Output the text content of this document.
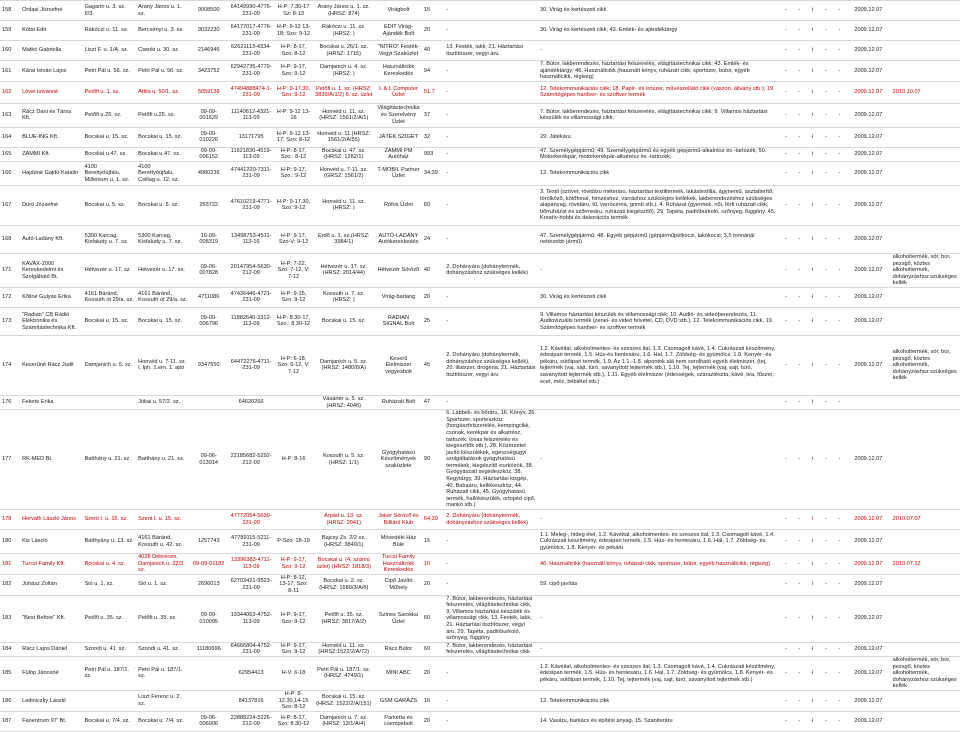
158	Ordasi Józsefné	Gagarin u. 3. sz. II/3.	Arany János u. 1. sz.	9008500	64149990-4776-231-09	H-P: 7.30-17 Sz: 8-13	Arany János u. 1. sz. (HRSZ: 874)	Virágbolt	15	-	30. Virág és kertészeti cikk	-	-	i	-	-	2009.12.07	
159	Kótai Edit	Rákóczi u. 11. sz.	Bercsényi u. 3. sz.	9032230	64177017-4776-231-09	H-P: 9-12 13-18; Szo: 9-12	Rákóczi u. 11. sz. (HRSZ: )	EDIT Virág-Ajándék Bolt	20	-	30. Virág és kertészeti cikk; 43. Emlék- és ajándéktárgy	-	-	i	-	-	2009.12.07	
160	Matkó Gabriella	Liszt F. u. 1/A. sz.	Csenki u. 30. sz.	2146946	62621113-4334-231-09	H-P: 8-17, Szo: 8-12	Bocskai u. 26/1. sz. (HRSZ: 1715)	"NITRO" Festék-Vegyi Szaküzlet	40	13. Festék, lakk; 21. Háztartási tisztítószer, vegyi áru	-	-	-	i	-	-	2009.12.07	
161	Kárai István Lajos	Petri Pál u. 56. sz.	Petri Pál u. 56. sz.	3423752	62942735-4779-231-09	H-P: 9-17, Szo: 9-12	Damjanich u. 4. sz. (HRSZ: )	Használtcikk Kereskedés	94	-	7. Bútor, lakberendezés, háztartási felszerelés, világítástechnikai cikk; 43. Emlék- és ajándéktárgy; 46. Használtcikk (használt könyv, ruházati cikk, sportszer, bútor, egyéb használtcikk, régiség)	-	-	i	-	-	2009.12.07	
162	Lövei Istvánné	Petőfi u. 1. sz.	Attila u. 50/1. sz.	5059138	47494888474-1-231-09	H-P: 9-17.30, Szo: 9-12	Petőfi u. 1. sz. (HRSZ: 3839/A/1/2) 6. sz. üzlet	L & L Computer Üzlet	51.7	-	12. Telekommunikációs cikk; 18. Papír- és írószer, művészellátó cikk (vászon, állvány stb.); 19. Számítógépes hardver- és szoftver termék	-	-	i	-	-	2009.12.07	2010.10.07
163	Rácz Dani és Társa Kft.	Petőfi u.25. sz.	Petőfi u.25. sz.	09-09-001629	11140612-4321-113-09	H-P: 9-12 13-16	Honvéd u. 11. sz.(HRSZ: 1561/2/A/1)	Világítástechnika és Szerelvény Üzlet	37	-	7. Bútor, lakberendezés, háztartási felszerelés, világítástechnikai cikk; 9. Villamos háztartási készülék és villamossági cikk;	-	-	i	-	-	2009.12.07	
164	BLUE-ING Kft.	Bocskai u. 15. sz.	Bocskai u. 15. sz.	09-09-010226	13171795	H-P: 9-12 13-17, Szo: 8-12	Honvéd u. 11.(HRSZ: 1561/2/A/55)	JÁTÉK SZIGET	32	-	29. Játékáru	-	-	i	-	-	2009.12.07	
165	ZÁMMI Kft.	Bocskai u.47. sz.	Bocskai u.47. sz.	09-09-006152	11621830-4519-113-09	H-P: 8-17, Szo.: 8-12	Bocskai u. 47. sz.(HRSZ: 1282/1)	ZÁMMI PM Autóház	993	-	47. Személygépjármű; 49. Személygépjármű és egyéb gépjármű-alkatrész és -tartozék; 50. Motorkerékpár, motorkerékpár-alkatrész és -tartozék;	-	-	i	-	-	2009.12.07	
166	Hajdúné Gajdó Katalin	4100 Berettyóújfalu, Millenium u. 1. sz.	4100 Berettyóújfalu, Csillag u. 12. sz.	4980236	47441220-7311-231-09	H-P: 9-17, Szo.: 9-12	Honvéd u. 7-11. sz. (GRSZ: 1561/2)	T-MOBIL Partner Üzlet	34,39	-	12. Telekommunikációs cikk	-	-	i	-	-	2009.12.07	
167	Dúró Józsefné	Bocskai u. 5. sz.	Bocskai u. 5. sz.	253722	47610219-4771-231-09	H-P: 9-17.30, Szo: 9-12	Honvéd u. 11. sz.(HRSZ: )	Rófos Üzlet	60	-	3. Textil (szövet, rövidáru méteráru, háztartási textiltermék, lakástextília, ágynemű, asztalterítő, törölköző, kötőfonal, himzéshez, varráshoz szükséges kellékek, lakberendezéshez szükséges alapanyag, rövidáru, tű, varrócérna, gomb stb.), 4. Ruházat (gyermek, női, férfi ruházati cikk, bőrruházat és szőrmeáru, ruházati kiegészítő), 29. Tapéta, padlóburkoló, szőnyeg, függöny. 45. Kreatív-hobbi és dekorációs termék	-	-	i	-	-	2009.12.07	
168	Autó-Ladány Kft.	5300 Karcag, Kisfaludy u. 7. sz.	5300 Karcag, Kisfaludy u. 7. sz.	16-09-008319	13498753-4511-113-16	H-P: 9-17, Szo-V: 9-12	Erdő u. 1. sz.(HRSZ: 3984/1)	AUTÓ-LADÁNY Autókereskedés	24	-	47. Személygépjármű; 48. Egyéb gépjármű (gépjárműpótkocsi, lakókocsi; 3,5 tonnánál nehezebb jármű)	-	-	i	-	-	2009.12.07	
171	KAVAX-2000 Kereskedelmi és Szolgáltató Bt.	Hétvezér u. 17. sz.	Hétvezér u. 17. sz.	09-06-007828	20147954-5630-212-09	H-P: 7-22, Szo: 7-12, V: 7-12	Hétvezér u. 17. sz. (HRSZ: 2014/44)	Hétvezér Söröző	40	2. Dohányáru (dohánytermék, dohányzáshoz szükséges kellék)	-	-	-	i	-	-	2009.12.07	alkoholtermék, sör, bor, pezsgő, köztes alkoholtermék, dohányzáshoz szükséges kellék
172	Kőliné Gulyás Erika	4161 Báránd, Kossuth út 29/a. sz.	4161 Báránd, Kossuth út 29/a. sz.	4711086	47436446-4721-231-09	H-P: 9-15, Szo: 9-12	Kossuth u. 7. sz. (HRSZ: )	Virág-barlang	20	-	30. Virág és kertészeti cikk	-	-	i	-	-	2009.12.07	
173	"Radian" CB Rádió Elektronika és Számítástechnika Kft.	Bocskai u. 15. sz.	Bocskai u. 15. sz.	09-09-006796	11882640-3312-113-09	H-P: 8.30-17, Szo.: 8.30-12	Bocskai u. 15. sz.	RADIAN SIGNAL Bolt	25	-	9. Villamos háztartási készülék és villamossági cikk; 10. Audió- és videóberendezés, 11. Audiovizuális termék (zenei- és videó felvétel, CD, DVD stb.), 12. Telekommunikációs cikk, 19. Számítógépes hardver- és szoftver termék	-	-	i	-	-	2009.12.07	
174	Keserűné Rácz Judit	Damjanich u. 5. sz.	Honvéd u. 7-11. sz. I. lph. 1.em. 1. ajtó	9347650	64472276-4711-231-09	H-P: 6-18, Szo: 6-12, V: 7-12	Damjanich u. 5. sz. (HRSZ: 1480/8/A)	Keserű Élelmiszer vegyesbolt	45	2. Dohányáru (dohánytermék, dohányzáshoz szükséges kellék), 20. illatszer, drogéria, 21. Háztartási tisztítószer, vegyi áru	1.2. Kávéital, alkoholmentes- és szeszes ital, 1.3. Csomagolt kávé, 1.4. Cukrászati készítmény, édesipari termék, 1.5. Hús-és hentesáru, 1.6. Hal, 1.7. Zöldség- és gyümölcs, 1.8. Kenyér- és pékáru, sütőipari termék, 1.9. Az 1.1.-1.8. alpontok alá nem sorolható egyéb élelmiszer, (tej, tejtermék (vaj, sajt, túró, savanyított tejtermék stb.), 1.10. Tej, tejtermék (vaj, sajt, túró, savanyított tejtermék stb.), 1.11. Egyéb élelmiszer (édességek, száraztészta, kávé, tea, fűszer, ecet, méz, bébiétel stb.)	-	-	i	-	-	2009.12.07	alkoholtermék, sör, bor, pezsgő, köztes alkoholtermék, dohányzáshoz szükséges kellék
176	Fekete Erika		Jókai u. 57/2. sz.		64620266		Vásártér u. 5. sz. (HRSZ: 4046)	Ruházati Bolt	47	-		-	-	i	-	-		
177	RK-MED Bt.	Batthány u. 21. sz.	Batthány u. 21. sz.	09-06-013914	22185682-5292-212-09	H-P: 8-16	Kossuth u. 5. sz. (HRSZ: 1/1)	Gyógyhatású Készítmények szaküzlete	90	6. Lábbeli- és bőráru, 16. Könyv, 26. Sportszer, sporteszköz (horgászfelszerelés, kempingcikk, csónak, kerékpár és alkatrész, tartozék, lovas felszerelés és kiegészítők stb.), 28. Közérzetet javító készülékek, egészségügyi szolgáltatások gyógyhatású termékek, kiegészítő eszközök, 38. Gyógyászati segédeszköz, 38. Kegytárgy, 39. Háztartási kisgép, 40. Babaáru, kellékeszköz, 44. Ruházati cikk, 45. Gyógyhatású termék, hallókészülék, ortopéd cipő, mankó stb.)	-	-	-	i	-	-	2009.12.07	
178	Horváth László János	Szent I. u. 15. sz.	Szent I. u. 15. sz.		47772054-5630-231-09		Árpád u. 13. sz. (HRSZ: 2041)	Joker Söröző és Billiárd Klub	64,39	2. Dohányáru (dohánytermék, dohányzáshoz szükséges kellék)	-	-	-	i	-	-	2009.12.07	2010.07.07
180	Kis László	Batthyány u. 13. sz.	4161 Báránd, Kossuth u. 42. sz.	1257743	47789115-5211-231-09	P-Szo: 18-19	Bajcsy Zs. 2/2 sz.(HRSZ: 3840/1)	Mövedéki Ház Bülé	15	-	1.1. Meleg-, hideg étel, 1.2. Kávéital, alkoholmentes- és szeszes ital, 1.3. Csomagolt kávé, 1.4. Cukrászati készítmény, édesipari termék, 1.5. Hús- és hentesáru, 1.6. Hal, 1.7. Zöldség- és gyümölcs, 1.8. Kenyér- és pékáru	-	-	i	-	-	2009.12.07	
181	Turcsi Family Kft.	Bocskai u. 4. sz.	4028 Debrecen, Damjanich u. 22/3. sz.	09-09-01182	13396383-4711-113-09	H-P: 9-17, Szo: 9-12	Bocskai u. (4. számú üzlet) (HRSZ: 1818/3)	Turcsi Family Használtcikk Kereskedés	10	-	46. Használtcikk (használt könyv, ruházati cikk, sportszer, bútor, egyéb használtcikk, régiség)	-	-	i	-	-	2009.12.07	2010.07.12
182	Juhász Zoltán	Sió u. 1. sz.	Sió u. 1. sz.	2696013	62703421-9523-231-09	H-P: 8-12, 13-17, Szo: 8-11	Bocskai u. 2. sz. (HRSZ: 1680/3/A/6)	Cipő Javító Műhely	20	-	59. cipő javítás	-	-	i	-	-	2009.12.07	
183	"Best Before" Kft.	Petőfi u. 35. sz.	Petőfi u. 35. sz.	09-09-010095	13344063-4752-113-09	H-P: 9-17, Szo: 9-12	Petőfi u. 35. sz. (HRSZ: 3817/A/2)	Színes Sarokka Üzlet	60	7. Bútor, lakberendezés, háztartási felszerelés, világítástechnikai cikk, 9. Villamos háztartási készülék és villamossági cikk, 13. Festék, lakk, 21. Háztartási tisztítószer, vegyi áru, 29. Tapéta, padlóburkoló, szőnyeg, függöny	-	-	-	i	-	-	2009.12.07	
184	Rácz Lajos Dániel	Szondi u. 41. sz.	Szondi u. 41. sz.	11180696	64666804-4752-231-09	H-P: 9-17, Szo: 9-12	Honvéd u. 11. sz. (HRSZ:1522/2/A/72)	Rácz Bútor	60	7. Bútor, lakberendezés, háztartási felszerelés, világítástechnikai cikk	-	-	-	i	-	-	2009.12.07	
185	Fülöp Jánosné	Petri Pál u. 187/1. sz.	Petri Pál u. 187/1. sz.		62954413	H-V: 6-18	Petri Pál u. 187/1. sz. (HRSZ: 4749/1)	MINI ABC	20	-	1.2. Kávéital, alkoholmentes- és szeszes ital, 1.3. Csomagolt kávé, 1.4. Cukrászati készítmény, édesipari termék, 1.5. Hús- és hentesáru, 1.6. Hal, 1.7. Zöldség- és gyümölcs, 1.8. Kenyér- és pékáru, sütőipari termék, 1.10. Tej, tejtermék (vaj, sajt, túró, savanyított tejtermék stb.)	-	-	i	-	-	2009.12.07	alkoholtermék, sör, bor, pezsgő, köztes alkoholtermék, dohányzáshoz szükséges kellék
186	Lediniczky László		Liszt Ferenc u. 2. sz.		84137816	H-P: 8-12.30,14-15 Szo: 8-12	Bocskai u. 15. sz. (HRSZ: 1522/2/A/151)	GSM GARÁZS	16	-	12. Telekommunikációs cikk	-	-	i	-	-	2009.12.07	
187	Faoentrum 97' Bt.	Bocskai u. 7/4. sz.	Bocskai u. 7/4. sz.	09-06-006906	22888224-5226-212-09	H-P: 8-17, Szo: 8.30-12	Damjanich u. 7. sz. (HRSZ: 13/1/A/4)	Parketta és csempebolt	20	-	14. Vasáru, barkács és építési anyag, 15. Szaniteráru	-	-	i	-	-	2009.12.07	
